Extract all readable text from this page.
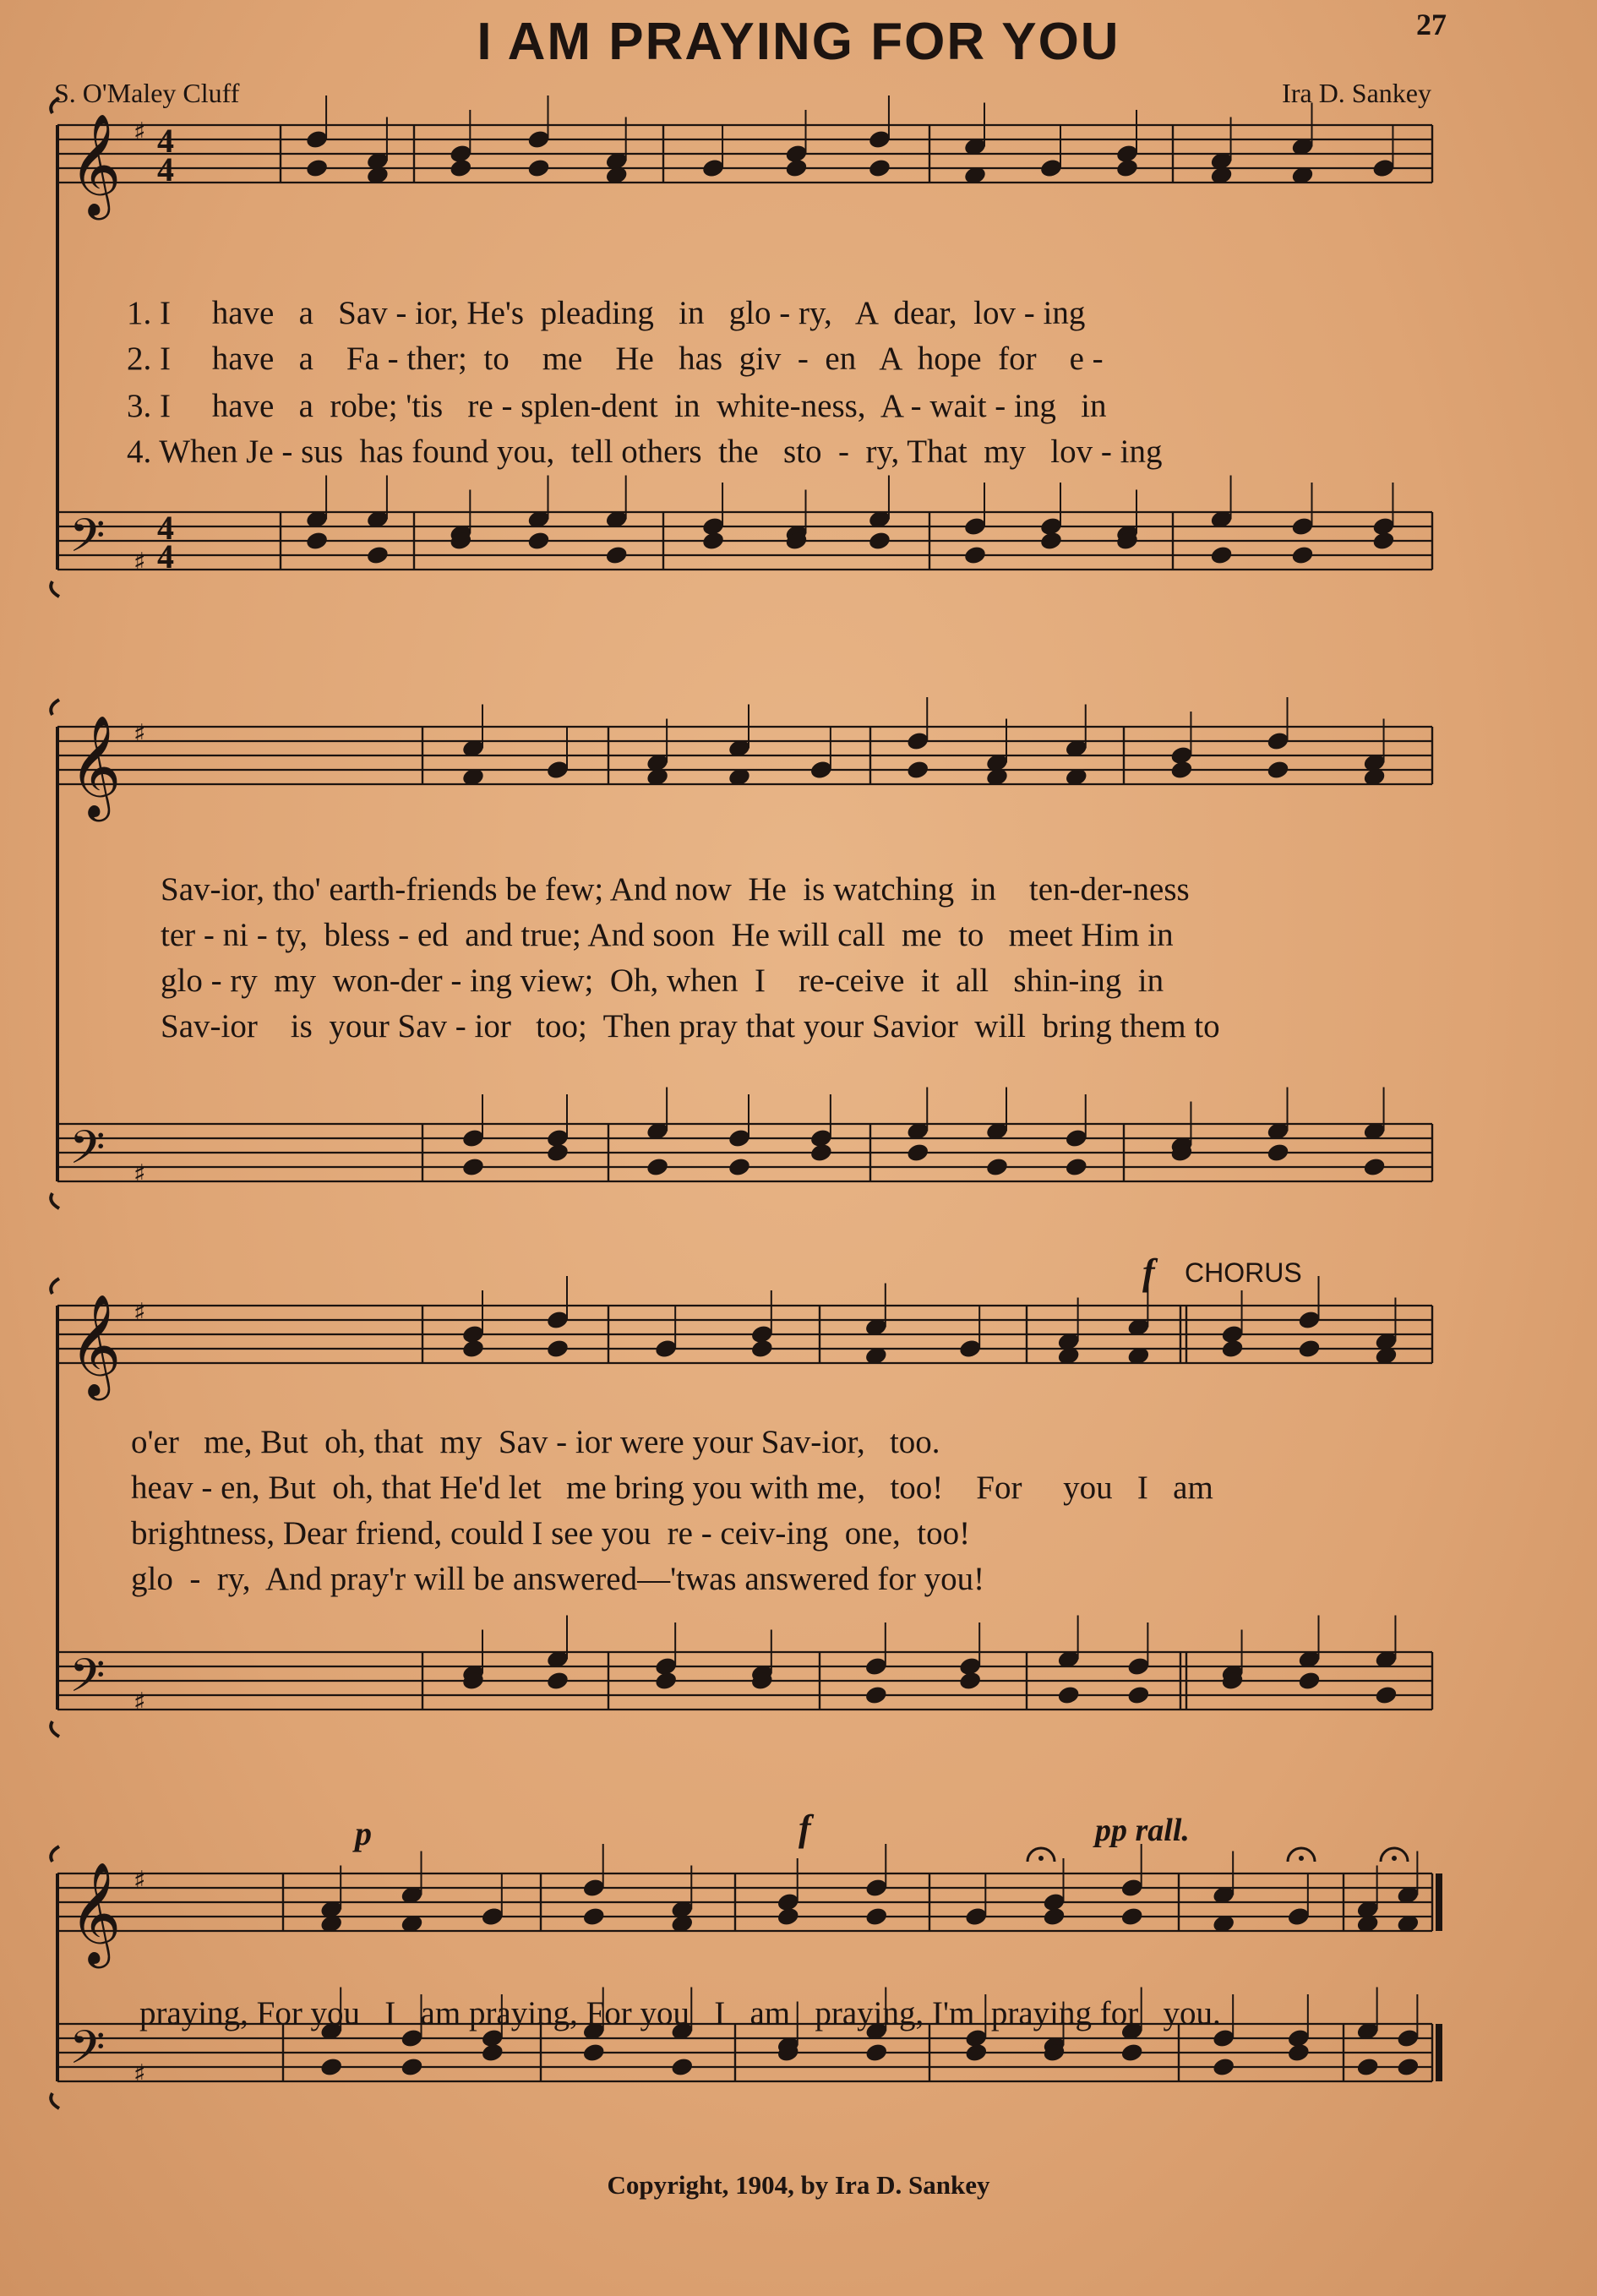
27
I AM PRAYING FOR YOU
S. O'Maley Cluff	Ira D. Sankey
𝄞 ♯ 4
4
𝄢 ♯
4
4
𝄞 ♯
𝄢 ♯
𝄞 ♯
𝄢 ♯
𝄞 ♯
𝄢 ♯
1. I     have   a   Sav - ior, He's  pleading   in   glo - ry,   A  dear,  lov - ing
2. I     have   a    Fa - ther;  to    me    He   has  giv  -  en   A  hope  for    e -
3. I     have   a  robe; 'tis   re - splen-dent  in  white-ness,  A - wait - ing   in
4. When Je - sus  has found you,  tell others  the   sto  -  ry, That  my   lov - ing
Sav-ior, tho' earth-friends be few; And now  He  is watching  in    ten-der-ness
ter - ni - ty,  bless - ed  and true; And soon  He will call  me  to   meet Him in
glo - ry  my  won-der - ing view;  Oh, when  I    re-ceive  it  all   shin-ing  in
Sav-ior    is  your Sav - ior   too;  Then pray that your Savior  will  bring them to
o'er   me, But  oh, that  my  Sav - ior were your Sav-ior,   too.
heav - en, But  oh, that He'd let   me bring you with me,   too!    For     you   I   am
brightness, Dear friend, could I see you  re - ceiv-ing  one,  too!
glo  -  ry,  And pray'r will be answered—'twas answered for you!
praying, For you   I   am praying, For you   I   am   praying, I'm  praying for   you.
f CHORUS
p	f	pp rall.
Copyright, 1904, by Ira D. Sankey
